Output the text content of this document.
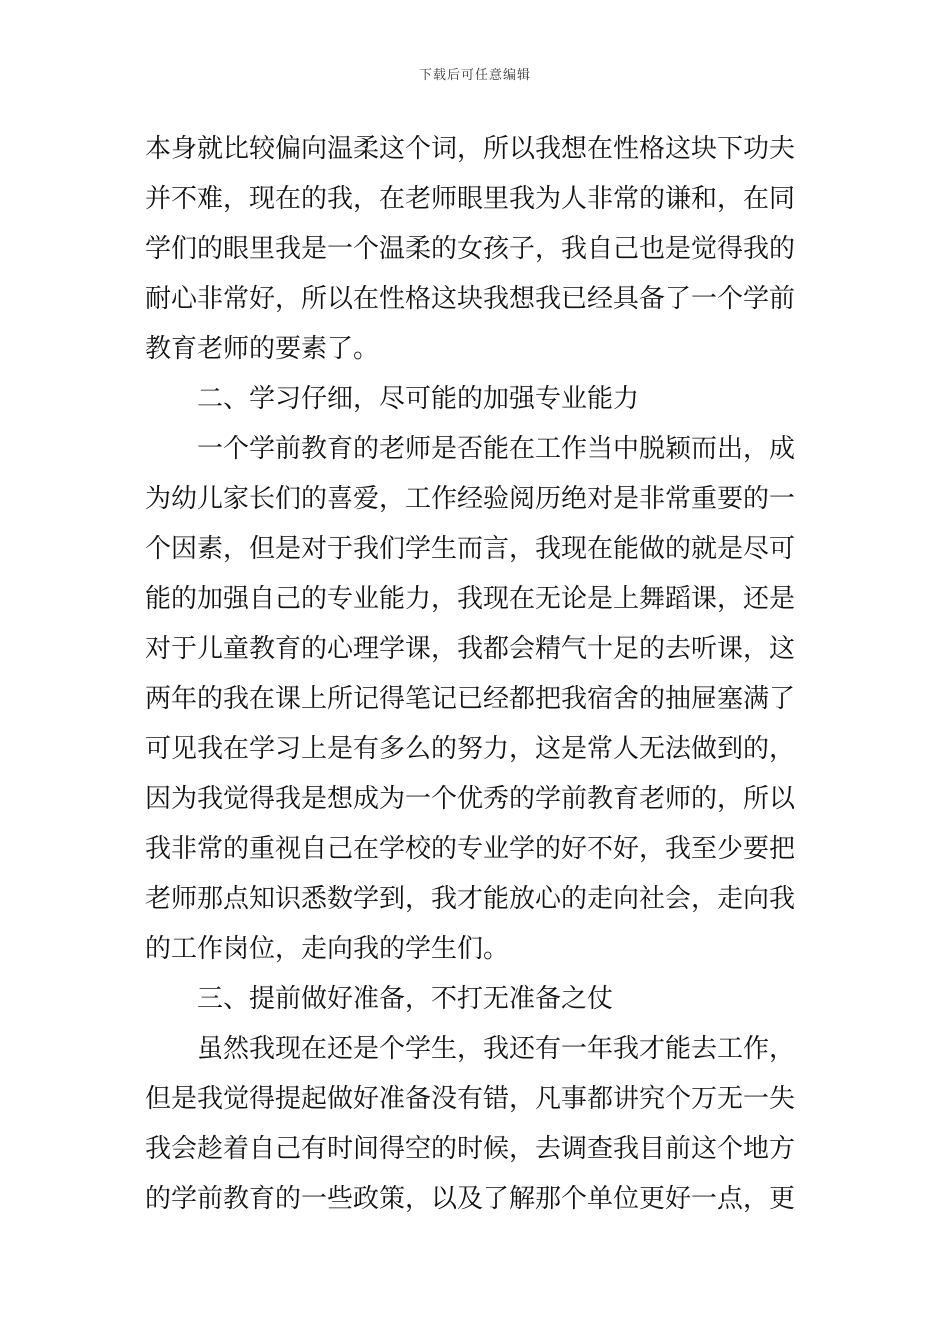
下载后可任意编辑
本身就比较偏向温柔这个词，所以我想在性格这块下功夫
并不难，现在的我，在老师眼里我为人非常的谦和，在同
学们的眼里我是一个温柔的女孩子，我自己也是觉得我的
耐心非常好，所以在性格这块我想我已经具备了一个学前
教育老师的要素了。
二、学习仔细，尽可能的加强专业能力
一个学前教育的老师是否能在工作当中脱颖而出，成
为幼儿家长们的喜爱，工作经验阅历绝对是非常重要的一
个因素，但是对于我们学生而言，我现在能做的就是尽可
能的加强自己的专业能力，我现在无论是上舞蹈课，还是
对于儿童教育的心理学课，我都会精气十足的去听课，这
两年的我在课上所记得笔记已经都把我宿舍的抽屉塞满了
可见我在学习上是有多么的努力，这是常人无法做到的，
因为我觉得我是想成为一个优秀的学前教育老师的，所以
我非常的重视自己在学校的专业学的好不好，我至少要把
老师那点知识悉数学到，我才能放心的走向社会，走向我
的工作岗位，走向我的学生们。
三、提前做好准备，不打无准备之仗
虽然我现在还是个学生，我还有一年我才能去工作，
但是我觉得提起做好准备没有错，凡事都讲究个万无一失
我会趁着自己有时间得空的时候，去调查我目前这个地方
的学前教育的一些政策，以及了解那个单位更好一点，更
